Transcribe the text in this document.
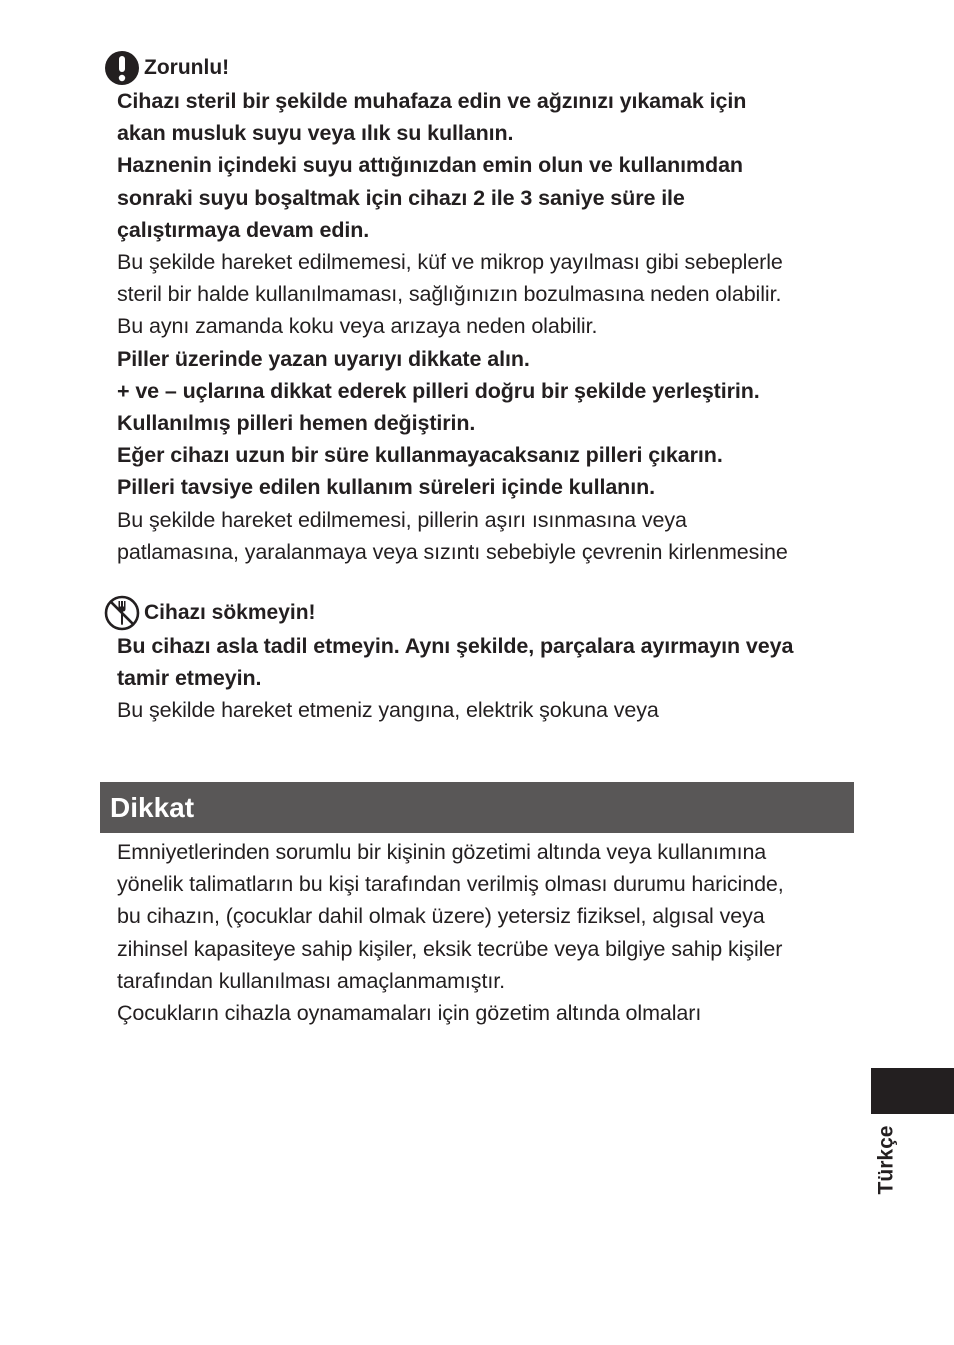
Zorunlu!
Cihazı steril bir şekilde muhafaza edin ve ağzınızı yıkamak için
akan musluk suyu veya ılık su kullanın.
Haznenin içindeki suyu attığınızdan emin olun ve kullanımdan
sonraki suyu boşaltmak için cihazı 2 ile 3 saniye süre ile
çalıştırmaya devam edin.
Bu şekilde hareket edilmemesi, küf ve mikrop yayılması gibi sebeplerle
steril bir halde kullanılmaması, sağlığınızın bozulmasına neden olabilir.
Bu aynı zamanda koku veya arızaya neden olabilir.
Piller üzerinde yazan uyarıyı dikkate alın.
+ ve – uçlarına dikkat ederek pilleri doğru bir şekilde yerleştirin.
Kullanılmış pilleri hemen değiştirin.
Eğer cihazı uzun bir süre kullanmayacaksanız pilleri çıkarın.
Pilleri tavsiye edilen kullanım süreleri içinde kullanın.
Bu şekilde hareket edilmemesi, pillerin aşırı ısınmasına veya
patlamasına, yaralanmaya veya sızıntı sebebiyle çevrenin kirlenmesine
Cihazı sökmeyin!
Bu cihazı asla tadil etmeyin. Aynı şekilde, parçalara ayırmayın veya
tamir etmeyin.
Bu şekilde hareket etmeniz yangına, elektrik şokuna veya
Dikkat
Emniyetlerinden sorumlu bir kişinin gözetimi altında veya kullanımına
yönelik talimatların bu kişi tarafından verilmiş olması durumu haricinde,
bu cihazın, (çocuklar dahil olmak üzere) yetersiz fiziksel, algısal veya
zihinsel kapasiteye sahip kişiler, eksik tecrübe veya bilgiye sahip kişiler
tarafından kullanılması amaçlanmamıştır.
Çocukların cihazla oynamamaları için gözetim altında olmaları
Türkçe
